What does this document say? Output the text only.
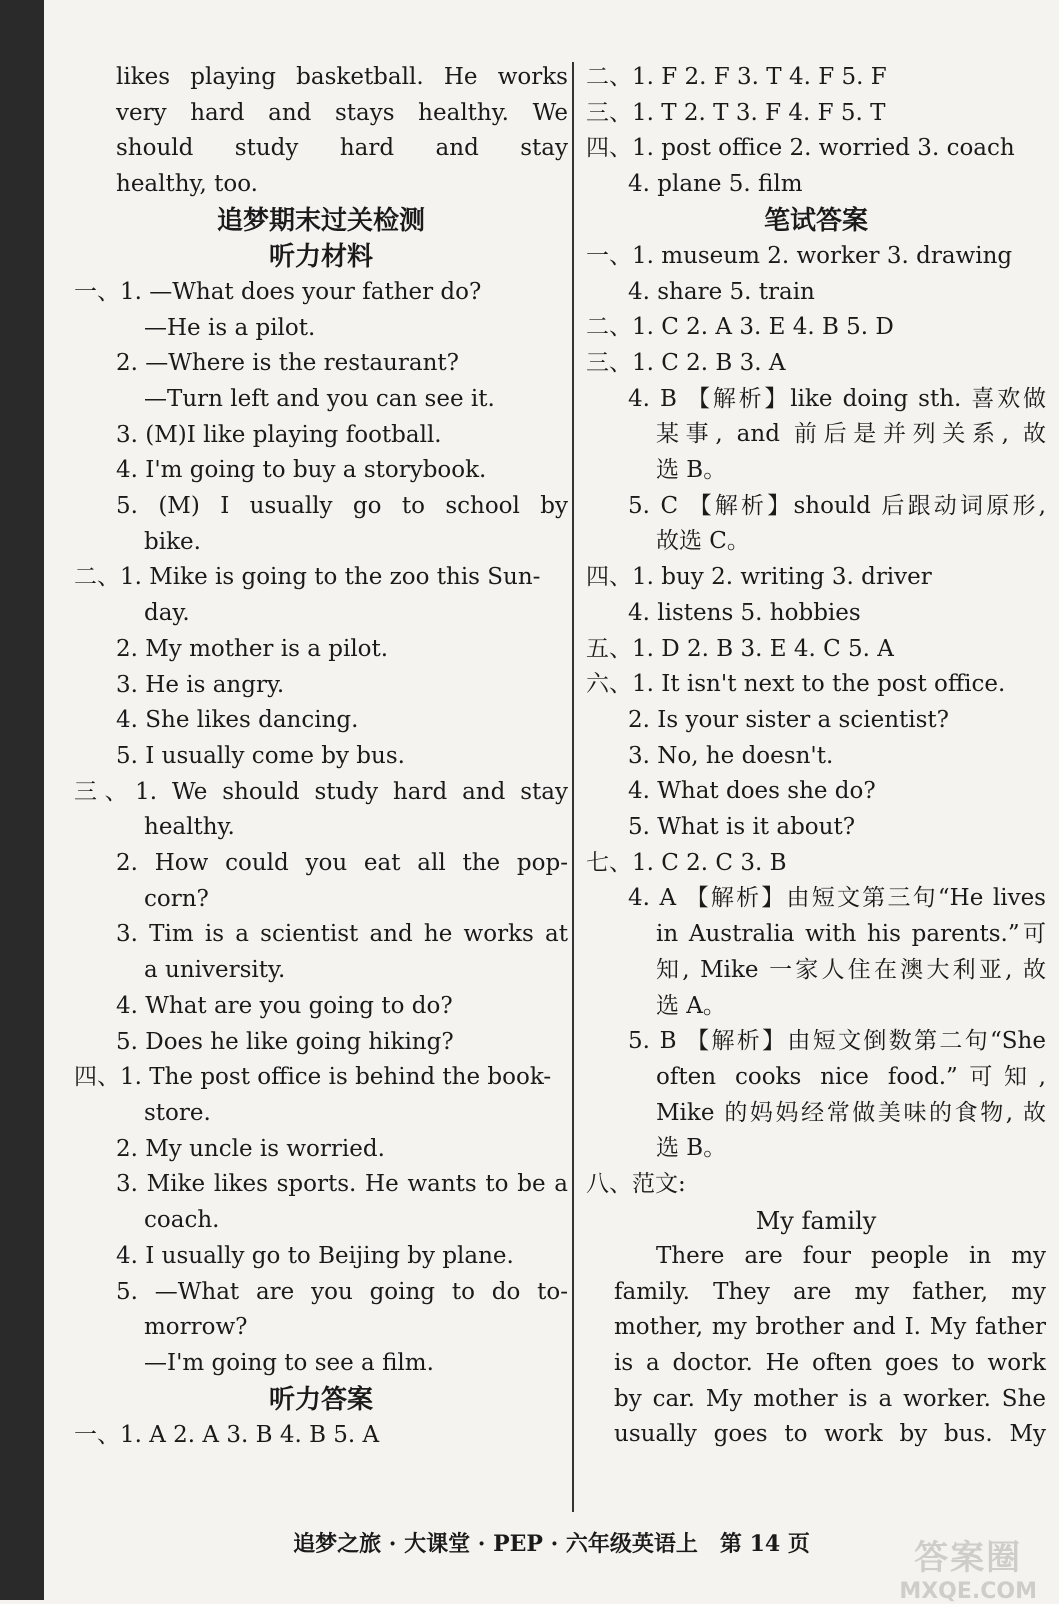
likes playing basketball. He works
very hard and stays healthy. We
should study hard and stay
healthy, too.
追梦期末过关检测
听力材料
一、1. —What does your father do?
—He is a pilot.
2. —Where is the restaurant?
—Turn left and you can see it.
3. (M)I like playing football.
4. I'm going to buy a storybook.
5. (M) I usually go to school by
bike.
二、1. Mike is going to the zoo this Sun-
day.
2. My mother is a pilot.
3. He is angry.
4. She likes dancing.
5. I usually come by bus.
三、1. We should study hard and stay
healthy.
2. How could you eat all the pop-
corn?
3. Tim is a scientist and he works at
a university.
4. What are you going to do?
5. Does he like going hiking?
四、1. The post office is behind the book-
store.
2. My uncle is worried.
3. Mike likes sports. He wants to be a
coach.
4. I usually go to Beijing by plane.
5. —What are you going to do to-
morrow?
—I'm going to see a film.
听力答案
一、1. A 2. A 3. B 4. B 5. A
二、1. F 2. F 3. T 4. F 5. F
三、1. T 2. T 3. F 4. F 5. T
四、1. post office 2. worried 3. coach
4. plane 5. film
笔试答案
一、1. museum 2. worker 3. drawing
4. share 5. train
二、1. C 2. A 3. E 4. B 5. D
三、1. C 2. B 3. A
4. B 【解析】like doing sth. 喜欢做
某事, and 前后是并列关系, 故
选 B。
5. C 【解析】should 后跟动词原形,
故选 C。
四、1. buy 2. writing 3. driver
4. listens 5. hobbies
五、1. D 2. B 3. E 4. C 5. A
六、1. It isn't next to the post office.
2. Is your sister a scientist?
3. No, he doesn't.
4. What does she do?
5. What is it about?
七、1. C 2. C 3. B
4. A 【解析】由短文第三句“He lives
in Australia with his parents.”可
知, Mike 一家人住在澳大利亚, 故
选 A。
5. B 【解析】由短文倒数第二句“She
often cooks nice food.”可知,
Mike 的妈妈经常做美味的食物, 故
选 B。
八、范文:
My family
There are four people in my
family. They are my father, my
mother, my brother and I. My father
is a doctor. He often goes to work
by car. My mother is a worker. She
usually goes to work by bus. My
追梦之旅 · 大课堂 · PEP · 六年级英语上　第 14 页	答案圈
MXQE.COM
